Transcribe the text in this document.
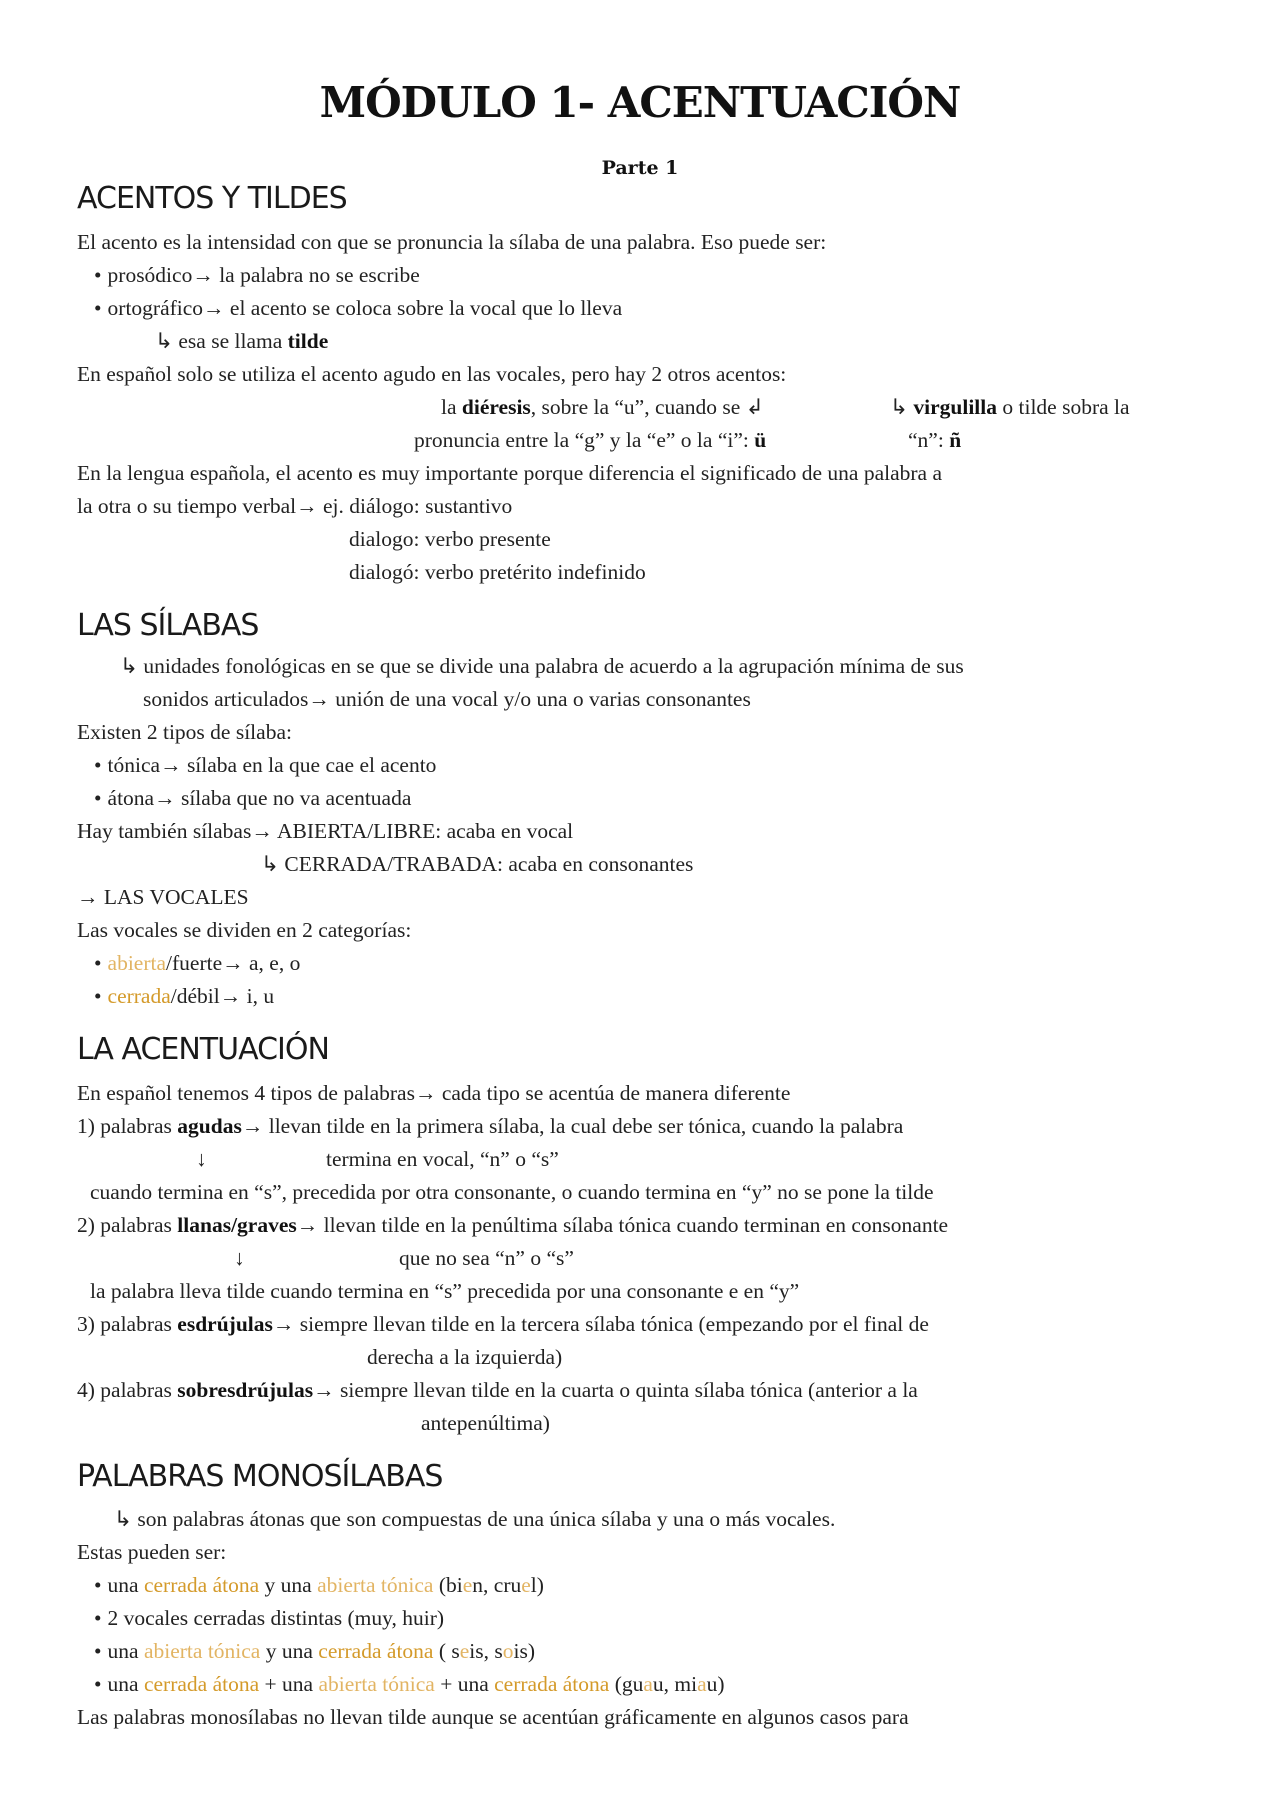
MÓDULO 1- ACENTUACIÓN
Parte 1
ACENTOS Y TILDES
El acento es la intensidad con que se pronuncia la sílaba de una palabra. Eso puede ser:
• prosódico→ la palabra no se escribe
• ortográfico→ el acento se coloca sobre la vocal que lo lleva
↳ esa se llama tilde
En español solo se utiliza el acento agudo en las vocales, pero hay 2 otros acentos:
la diéresis, sobre la “u”, cuando se ↲
pronuncia entre la “g” y la “e” o la “i”: ü
↳ virgulilla o tilde sobra la
“n”: ñ
En la lengua española, el acento es muy importante porque diferencia el significado de una palabra a
la otra o su tiempo verbal→ ej. diálogo: sustantivo
dialogo: verbo presente
dialogó: verbo pretérito indefinido
LAS SÍLABAS
↳ unidades fonológicas en se que se divide una palabra de acuerdo a la agrupación mínima de sus
sonidos articulados→ unión de una vocal y/o una o varias consonantes
Existen 2 tipos de sílaba:
• tónica→ sílaba en la que cae el acento
• átona→ sílaba que no va acentuada
Hay también sílabas→ ABIERTA/LIBRE: acaba en vocal
↳ CERRADA/TRABADA: acaba en consonantes
→ LAS VOCALES
Las vocales se dividen en 2 categorías:
• abierta/fuerte→ a, e, o
• cerrada/débil→ i, u
LA ACENTUACIÓN
En español tenemos 4 tipos de palabras→ cada tipo se acentúa de manera diferente
1) palabras agudas→ llevan tilde en la primera sílaba, la cual debe ser tónica, cuando la palabra
↓	termina en vocal, “n” o “s”
cuando termina en “s”, precedida por otra consonante, o cuando termina en “y” no se pone la tilde
2) palabras llanas/graves→ llevan tilde en la penúltima sílaba tónica cuando terminan en consonante
↓	que no sea “n” o “s”
la palabra lleva tilde cuando termina en “s” precedida por una consonante e en “y”
3) palabras esdrújulas→ siempre llevan tilde en la tercera sílaba tónica (empezando por el final de
derecha a la izquierda)
4) palabras sobresdrújulas→ siempre llevan tilde en la cuarta o quinta sílaba tónica (anterior a la
antepenúltima)
PALABRAS MONOSÍLABAS
↳ son palabras átonas que son compuestas de una única sílaba y una o más vocales.
Estas pueden ser:
• una cerrada átona y una abierta tónica (bien, cruel)
• 2 vocales cerradas distintas (muy, huir)
• una abierta tónica y una cerrada átona ( seis, sois)
• una cerrada átona + una abierta tónica + una cerrada átona (guau, miau)
Las palabras monosílabas no llevan tilde aunque se acentúan gráficamente en algunos casos para
